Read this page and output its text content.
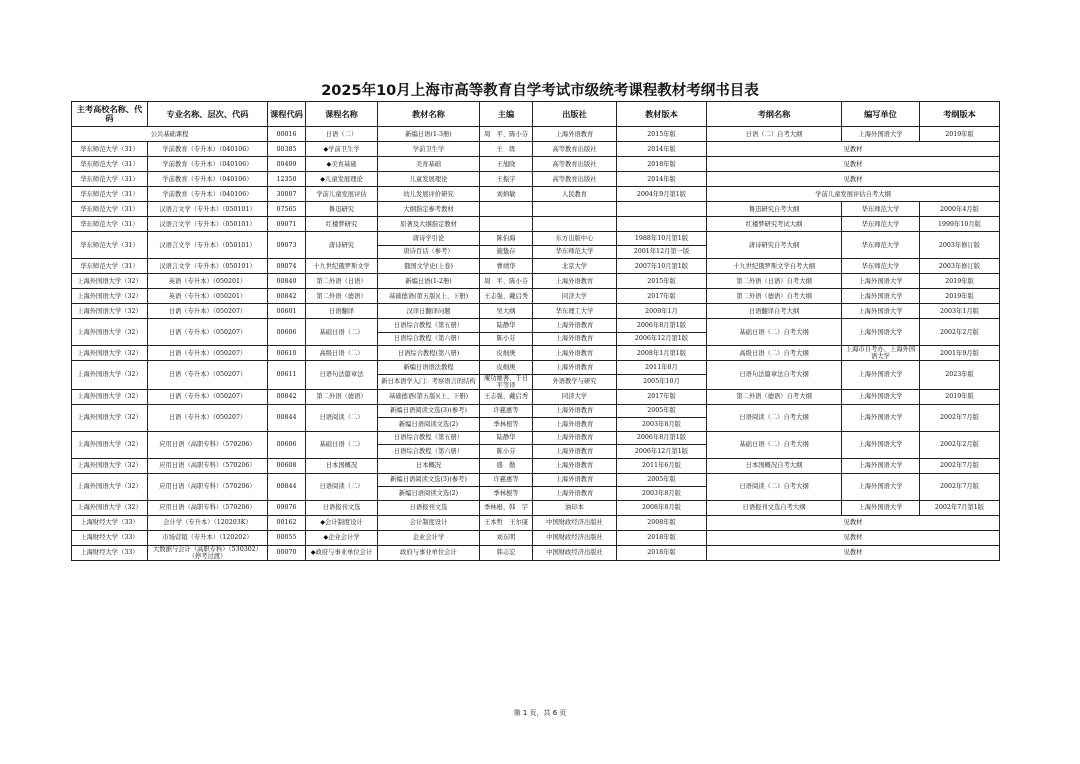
2025年10月上海市高等教育自学考试市级统考课程教材考纲书目表
主考高校名称、代码	专业名称、层次、代码	课程代码	课程名称	教材名称	主编	出版社	教材版本	考纲名称	编写单位	考纲版本
公共基础课程		00016	日语（二）	新编日语(1-3册)	周　平、陈小芬	上海外语教育	2015年版	日语（二）自考大纲	上海外国语大学	2019年版
华东师范大学（31）	学前教育（专升本）（040106）	00385	◆学前卫生学	学前卫生学	王　练	高等教育出版社	2014年版	见教材		
华东师范大学（31）	学前教育（专升本）（040106）	00409	◆美育基础	美育基础	王旭晓	高等教育出版社	2018年版	见教材		
华东师范大学（31）	学前教育（专升本）（040106）	12350	◆儿童发展理论	儿童发展理论	王振宇	高等教育出版社	2014年版	见教材		
华东师范大学（31）	学前教育（专升本）（040106）	30007	学前儿童发展评估	幼儿发展评价研究	刘炳敏	人民教育	2004年9月第1版	学前儿童发展评估自考大纲		
华东师范大学（31）	汉语言文学（专升本）（050101）	07565	鲁迅研究	大纲指定参考教材				鲁迅研究自考大纲	华东师范大学	2000年4月版
华东师范大学（31）	汉语言文学（专升本）（050101）	09071	红楼梦研究	原著及大纲指定教材				红楼梦研究考试大纲	华东师范大学	1999年10月版
华东师范大学（31）	汉语言文学（专升本）（050101）	09073	唐诗研究	唐诗学引论	陈伯海	东方出版中心	1988年10月第1版	唐诗研究自考大纲	华东师范大学	2003年修订版
				唐诗百话（参考）	施蛰存	华东师范大学	2001年12月第一版			
华东师范大学（31）	汉语言文学（专升本）（050101）	09074	十九世纪俄罗斯文学	俄国文学史(上卷)	曹靖华	北京大学	2007年10月第1版	十九世纪俄罗斯文学自考大纲	华东师范大学	2003年修订版
上海外国语大学（32）	英语（专升本）（050201）	00840	第二外语（日语）	新编日语(1-2册)	周　平、陈小芬	上海外语教育	2015年版	第二外语（日语）自考大纲	上海外国语大学	2019年版
上海外国语大学（32）	英语（专升本）（050201）	00842	第二外语（德语）	基础德语(第五版)(上、下册)	王志强、戴启秀	同济大学	2017年版	第二外语（德语）自考大纲	上海外国语大学	2019年版
上海外国语大学（32）	日语（专升本）（050207）	00601	日语翻译	汉译日翻译问题	吴大纲	华东理工大学	2009年1月	日语翻译自考大纲	上海外国语大学	2003年1月版
上海外国语大学（32）	日语（专升本）（050207）	00606	基础日语（二）	日语综合教程（第五册）	陆静华	上海外语教育	2006年8月第1版	基础日语（二）自考大纲	上海外国语大学	2002年2月版
				日语综合教程（第六册）	陈小芬	上海外语教育	2006年12月第1版			
上海外国语大学（32）	日语（专升本）（050207）	00610	高级日语（二）	日语综合教程(第八册)	皮细庚	上海外语教育	2008年1月第1版	高级日语（二）自考大纲	上海市自考办、上海外国语大学	2001年9月版
上海外国语大学（32）	日语（专升本）（050207）	00611	日语句法篇章法	新编日语语法教程	皮细庚	上海外语教育	2011年8月	日语句法篇章法自考大纲	上海外国语大学	2023年版
				新日本语学入门：考察语言的结构	庵功雄著、于日平等译	外语教学与研究	2005年10月			
上海外国语大学（32）	日语（专升本）（050207）	00842	第二外语（德语）	基础德语(第五版)(上、下册)	王志强、戴启秀	同济大学	2017年版	第二外语（德语）自考大纲	上海外国语大学	2019年版
上海外国语大学（32）	日语（专升本）（050207）	00844	日语阅读（二）	新编日语阅读文选(3)(参考)	许慈惠等	上海外语教育	2005年版	日语阅读（二）自考大纲	上海外国语大学	2002年7月版
				新编日语阅读文选(2)	季林根等	上海外语教育	2003年8月版			
上海外国语大学（32）	应用日语（高职专科）（570206）	00606	基础日语（二）	日语综合教程（第五册）	陆静华	上海外语教育	2006年8月第1版	基础日语（二）自考大纲	上海外国语大学	2002年2月版
				日语综合教程（第六册）	陈小芬	上海外语教育	2006年12月第1版			
上海外国语大学（32）	应用日语（高职专科）（570206）	00608	日本国概况	日本概况	盛　勤	上海外语教育	2011年6月版	日本国概况自考大纲	上海外国语大学	2002年7月版
上海外国语大学（32）	应用日语（高职专科）（570206）	00844	日语阅读（二）	新编日语阅读文选(3)(参考)	许慈惠等	上海外语教育	2005年版	日语阅读（二）自考大纲	上海外国语大学	2002年7月版
				新编日语阅读文选(2)	季林根等	上海外语教育	2003年8月版			
上海外国语大学（32）	应用日语（高职专科）（570206）	09076	日语报刊文选	日语报刊文选	季林根、韩　宇	油印本	2008年8月版	日语报刊文选自考大纲	上海外国语大学	2002年7月第1版
上海财经大学（33）	会计学（专升本）（120203K）	00162	◆会计制度设计	会计制度设计	王本哲　王尔康	中国财政经济出版社	2008年版	见教材		
上海财经大学（33）	市场营销（专升本）（120202）	00055	◆企业会计学	企业会计学	刘东明	中国财政经济出版社	2018年版	见教材		
上海财经大学（33）	大数据与会计（高职专科）（530302）（停考过渡）	00070	◆政府与事业单位会计	政府与事业单位会计	韩志宏	中国财政经济出版社	2018年版	见教材		
第 1 页，共 6 页
